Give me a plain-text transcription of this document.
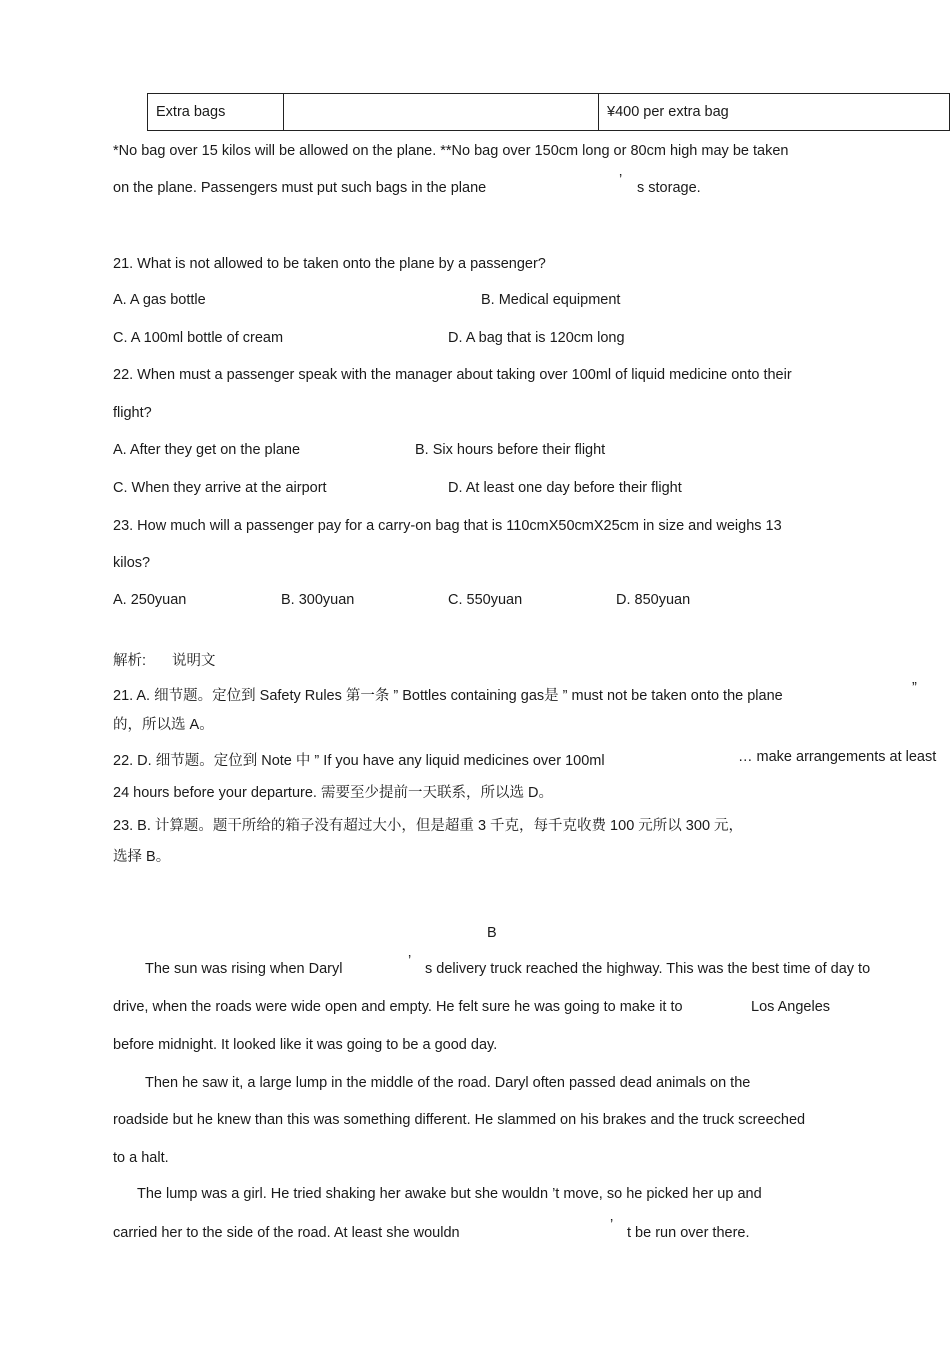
Extra bags		¥400 per extra bag
*No bag over 15 kilos will be allowed on the plane. **No bag over 150cm long or 80cm high may be taken
on the plane. Passengers must put such bags in the plane	’ s storage.
21. What is not allowed to be taken onto the plane by a passenger?
A. A gas bottle	B. Medical equipment
C. A 100ml bottle of cream	D. A bag that is 120cm long
22. When must a passenger speak with the manager about taking over 100ml of liquid medicine onto their
flight?
A. After they get on the plane	B. Six hours before their flight
C. When they arrive at the airport	D. At least one day before their flight
23. How much will a passenger pay for a carry-on bag that is 110cmX50cmX25cm in size and weighs 13
kilos?
A. 250yuan	B. 300yuan	C. 550yuan	D. 850yuan
解析: 说明文
21. A. 细节题。定位到 Safety Rules 第一条 ” Bottles containing gas是 ” must not be taken onto the plane	”
的，所以选 A。
22. D. 细节题。定位到 Note 中 ” If you have any liquid medicines over 100ml	… make arrangements at least
24 hours before your departure. 需要至少提前一天联系，所以选 D。
23. B. 计算题。题干所给的箱子没有超过大小，但是超重 3 千克，每千克收费 100 元所以 300 元，
选择 B。
B
The sun was rising when Daryl	’ s delivery truck reached the highway. This was the best time of day to
drive, when the roads were wide open and empty. He felt sure he was going to make it to	Los Angeles
before midnight. It looked like it was going to be a good day.
Then he saw it, a large lump in the middle of the road. Daryl often passed dead animals on the
roadside but he knew than this was something different. He slammed on his brakes and the truck screeched
to a halt.
The lump was a girl. He tried shaking her awake but she wouldn ’t move, so he picked her up and
carried her to the side of the road. At least she wouldn	’ t be run over there.
